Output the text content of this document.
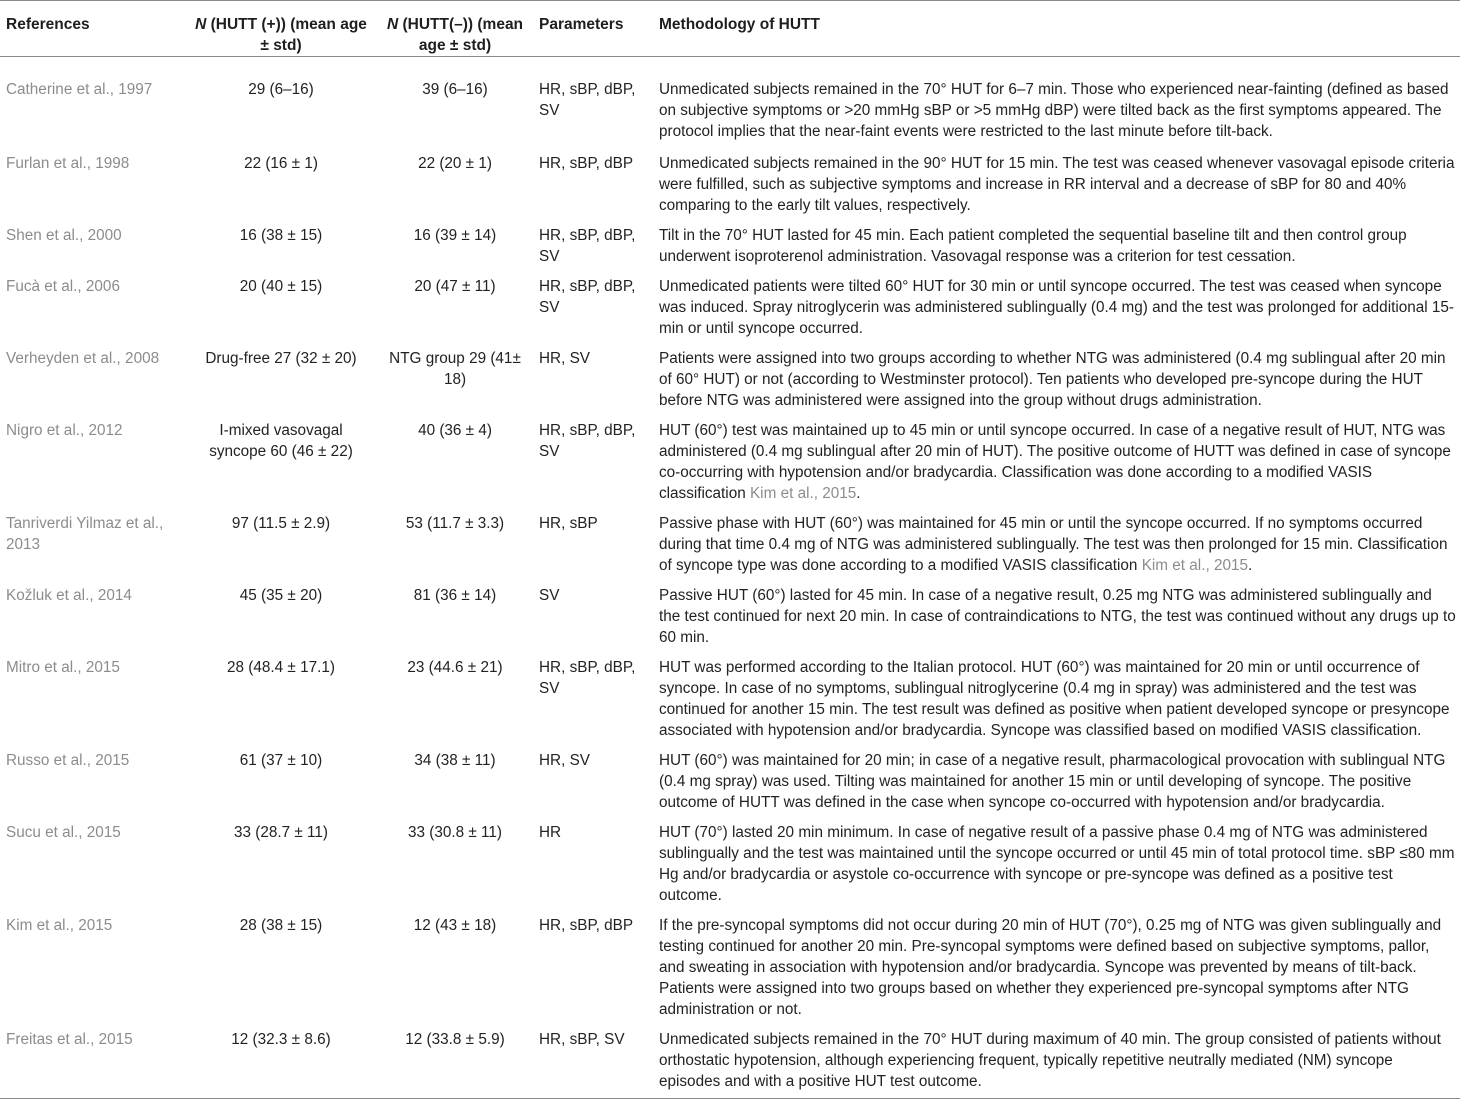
References	N (HUTT (+)) (mean age ± std)	N (HUTT(–)) (mean age ± std)	Parameters	Methodology of HUTT
Catherine et al., 1997	29 (6–16)	39 (6–16)	HR, sBP, dBP, SV	Unmedicated subjects remained in the 70° HUT for 6–7 min. Those who experienced near-fainting (defined as based on subjective symptoms or >20 mmHg sBP or >5 mmHg dBP) were tilted back as the first symptoms appeared. The protocol implies that the near-faint events were restricted to the last minute before tilt-back.
Furlan et al., 1998	22 (16 ± 1)	22 (20 ± 1)	HR, sBP, dBP	Unmedicated subjects remained in the 90° HUT for 15 min. The test was ceased whenever vasovagal episode criteria were fulfilled, such as subjective symptoms and increase in RR interval and a decrease of sBP for 80 and 40% comparing to the early tilt values, respectively.
Shen et al., 2000	16 (38 ± 15)	16 (39 ± 14)	HR, sBP, dBP, SV	Tilt in the 70° HUT lasted for 45 min. Each patient completed the sequential baseline tilt and then control group underwent isoproterenol administration. Vasovagal response was a criterion for test cessation.
Fucà et al., 2006	20 (40 ± 15)	20 (47 ± 11)	HR, sBP, dBP, SV	Unmedicated patients were tilted 60° HUT for 30 min or until syncope occurred. The test was ceased when syncope was induced. Spray nitroglycerin was administered sublingually (0.4 mg) and the test was prolonged for additional 15-min or until syncope occurred.
Verheyden et al., 2008	Drug-free 27 (32 ± 20)	NTG group 29 (41± 18)	HR, SV	Patients were assigned into two groups according to whether NTG was administered (0.4 mg sublingual after 20 min of 60° HUT) or not (according to Westminster protocol). Ten patients who developed pre-syncope during the HUT before NTG was administered were assigned into the group without drugs administration.
Nigro et al., 2012	I-mixed vasovagal syncope 60 (46 ± 22)	40 (36 ± 4)	HR, sBP, dBP, SV	HUT (60°) test was maintained up to 45 min or until syncope occurred. In case of a negative result of HUT, NTG was administered (0.4 mg sublingual after 20 min of HUT). The positive outcome of HUTT was defined in case of syncope co-occurring with hypotension and/or bradycardia. Classification was done according to a modified VASIS classification Kim et al., 2015.
Tanriverdi Yilmaz et al., 2013	97 (11.5 ± 2.9)	53 (11.7 ± 3.3)	HR, sBP	Passive phase with HUT (60°) was maintained for 45 min or until the syncope occurred. If no symptoms occurred during that time 0.4 mg of NTG was administered sublingually. The test was then prolonged for 15 min. Classification of syncope type was done according to a modified VASIS classification Kim et al., 2015.
Kožluk et al., 2014	45 (35 ± 20)	81 (36 ± 14)	SV	Passive HUT (60°) lasted for 45 min. In case of a negative result, 0.25 mg NTG was administered sublingually and the test continued for next 20 min. In case of contraindications to NTG, the test was continued without any drugs up to 60 min.
Mitro et al., 2015	28 (48.4 ± 17.1)	23 (44.6 ± 21)	HR, sBP, dBP, SV	HUT was performed according to the Italian protocol. HUT (60°) was maintained for 20 min or until occurrence of syncope. In case of no symptoms, sublingual nitroglycerine (0.4 mg in spray) was administered and the test was continued for another 15 min. The test result was defined as positive when patient developed syncope or presyncope associated with hypotension and/or bradycardia. Syncope was classified based on modified VASIS classification.
Russo et al., 2015	61 (37 ± 10)	34 (38 ± 11)	HR, SV	HUT (60°) was maintained for 20 min; in case of a negative result, pharmacological provocation with sublingual NTG (0.4 mg spray) was used. Tilting was maintained for another 15 min or until developing of syncope. The positive outcome of HUTT was defined in the case when syncope co-occurred with hypotension and/or bradycardia.
Sucu et al., 2015	33 (28.7 ± 11)	33 (30.8 ± 11)	HR	HUT (70°) lasted 20 min minimum. In case of negative result of a passive phase 0.4 mg of NTG was administered sublingually and the test was maintained until the syncope occurred or until 45 min of total protocol time. sBP ≤80 mm Hg and/or bradycardia or asystole co-occurrence with syncope or pre-syncope was defined as a positive test outcome.
Kim et al., 2015	28 (38 ± 15)	12 (43 ± 18)	HR, sBP, dBP	If the pre-syncopal symptoms did not occur during 20 min of HUT (70°), 0.25 mg of NTG was given sublingually and testing continued for another 20 min. Pre-syncopal symptoms were defined based on subjective symptoms, pallor, and sweating in association with hypotension and/or bradycardia. Syncope was prevented by means of tilt-back. Patients were assigned into two groups based on whether they experienced pre-syncopal symptoms after NTG administration or not.
Freitas et al., 2015	12 (32.3 ± 8.6)	12 (33.8 ± 5.9)	HR, sBP, SV	Unmedicated subjects remained in the 70° HUT during maximum of 40 min. The group consisted of patients without orthostatic hypotension, although experiencing frequent, typically repetitive neutrally mediated (NM) syncope episodes and with a positive HUT test outcome.
